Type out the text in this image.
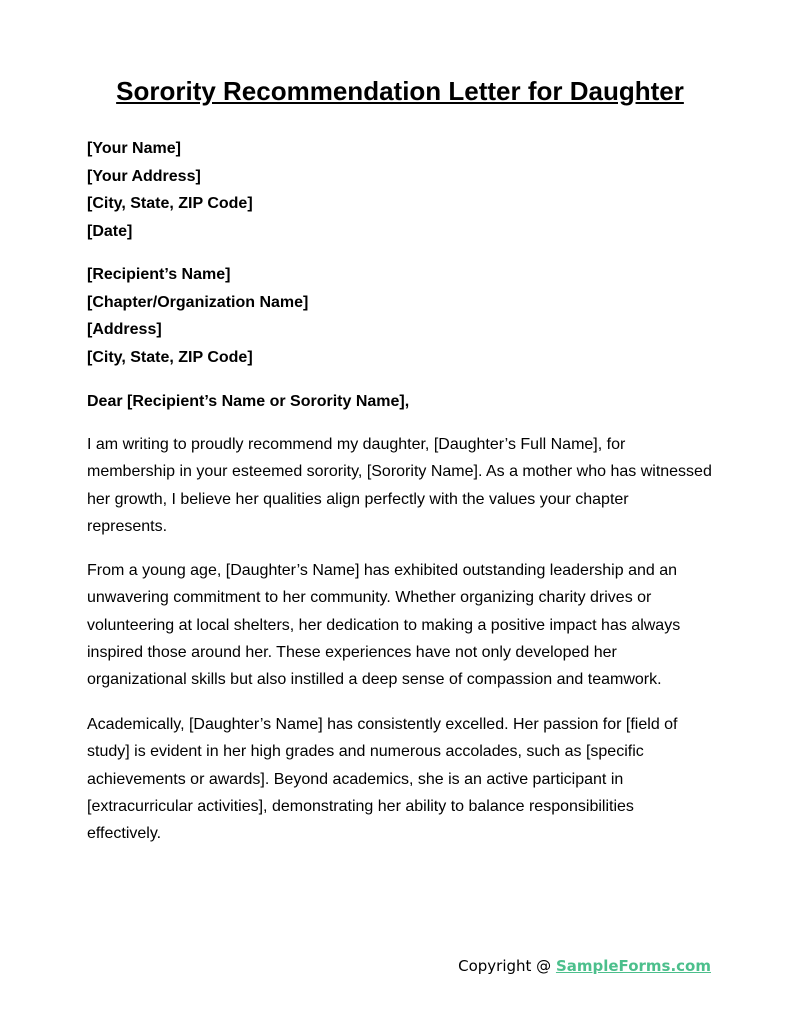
Sorority Recommendation Letter for Daughter
[Your Name]
[Your Address]
[City, State, ZIP Code]
[Date]
[Recipient’s Name]
[Chapter/Organization Name]
[Address]
[City, State, ZIP Code]
Dear [Recipient’s Name or Sorority Name],

I am writing to proudly recommend my daughter, [Daughter’s Full Name], for membership in your esteemed sorority, [Sorority Name]. As a mother who has witnessed her growth, I believe her qualities align perfectly with the values your chapter represents.

From a young age, [Daughter’s Name] has exhibited outstanding leadership and an unwavering commitment to her community. Whether organizing charity drives or volunteering at local shelters, her dedication to making a positive impact has always inspired those around her. These experiences have not only developed her organizational skills but also instilled a deep sense of compassion and teamwork.

Academically, [Daughter’s Name] has consistently excelled. Her passion for [field of study] is evident in her high grades and numerous accolades, such as [specific achievements or awards]. Beyond academics, she is an active participant in [extracurricular activities], demonstrating her ability to balance responsibilities effectively.

Copyright @ SampleForms.com
